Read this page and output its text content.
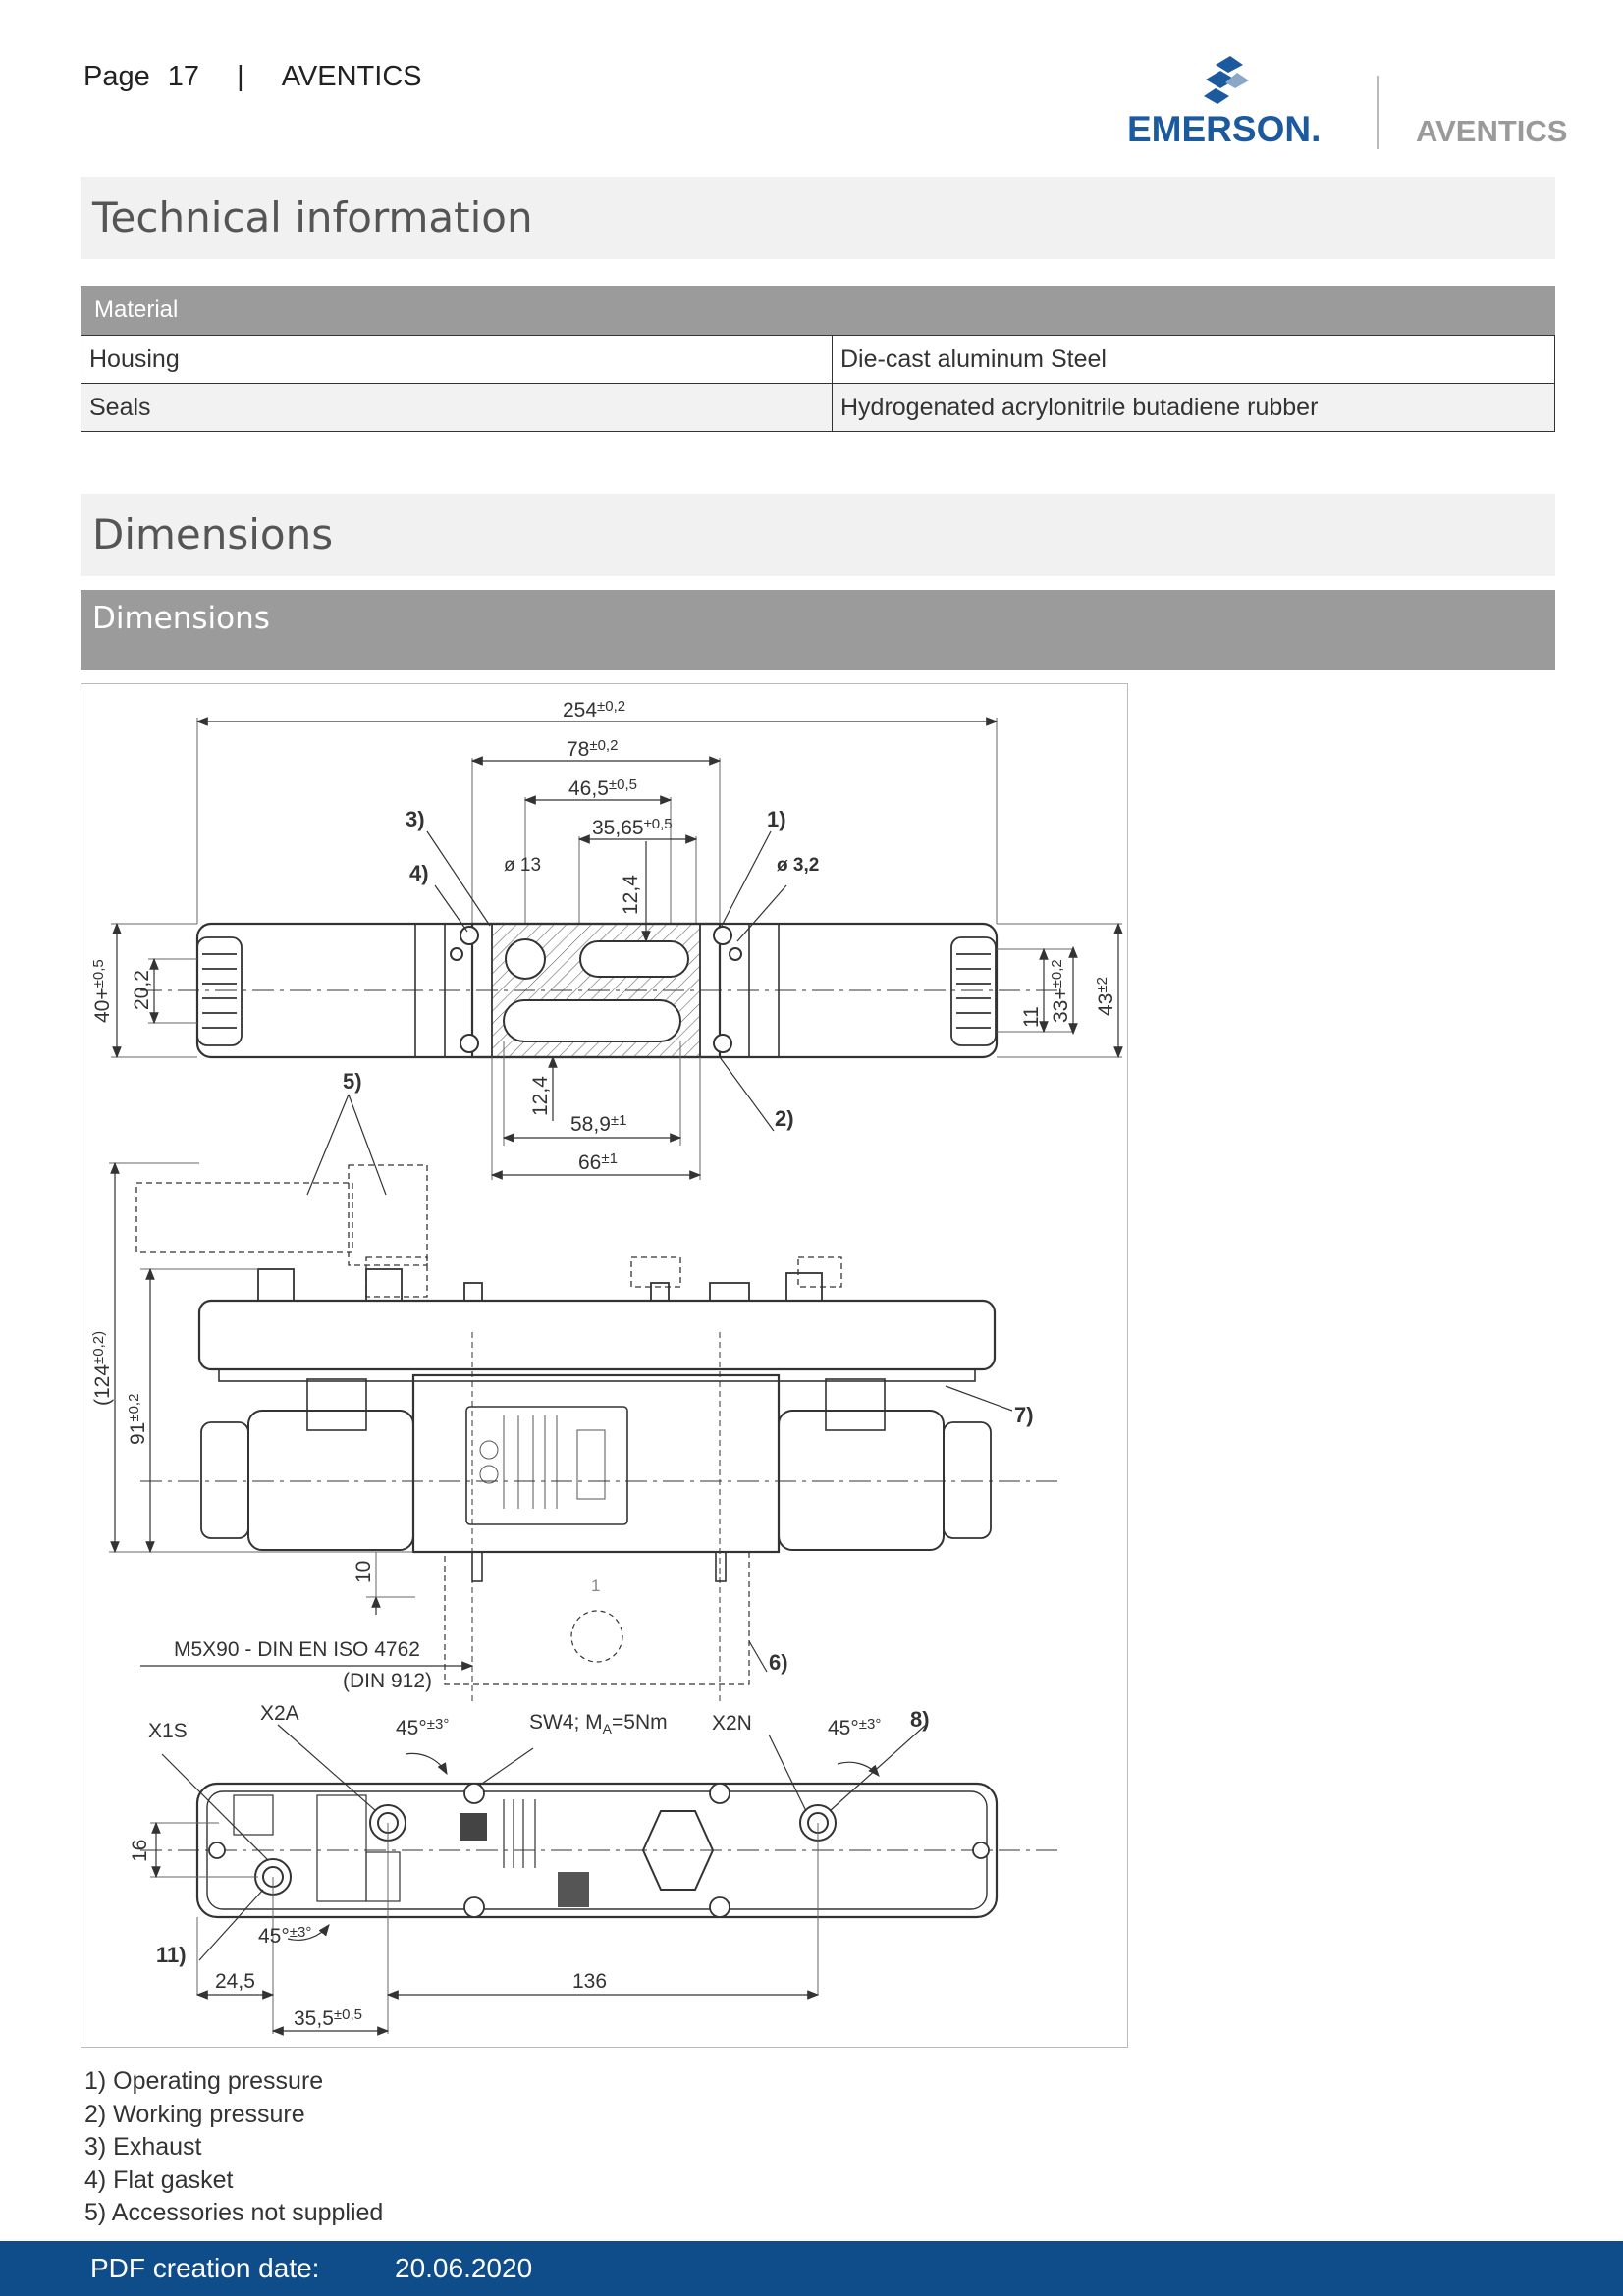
Page 17 | AVENTICS
EMERSON.	AVENTICS
Technical information
Material
Housing	Die-cast aluminum Steel
Seals	Hydrogenated acrylonitrile butadiene rubber
Dimensions
Dimensions
$254^{\pm 0,2}$
$78^{\pm 0,2}$
$46,5^{\pm 0,5}$
$35,65^{\pm 0,5}$
ø 13	ø 3,2
12,4
12,4
40+$^{\pm 0,5}$	20,2
11 33+$^{\pm 0,2}$
$43^{\pm 2}$
$58,9^{\pm 1}$
$66^{\pm 1}$
($124^{\pm 0,2)}$
$91^{\pm 0,2}$
10
M5X90 - DIN EN ISO 4762
(DIN 912)
1
X1S
X2A	X2N
45°$^{\pm 3^\circ}$	45°$^{\pm 3^\circ}$
45°$^{\pm 3^\circ}$
SW4; $M_A=5Nm$
16
24,5	136
$35,5^{\pm 0,5}$
3)
4)
1)
2)
5)
6)
7)
8)
11)
1) Operating pressure
2) Working pressure
3) Exhaust
4) Flat gasket
5) Accessories not supplied
PDF creation date:	20.06.2020
